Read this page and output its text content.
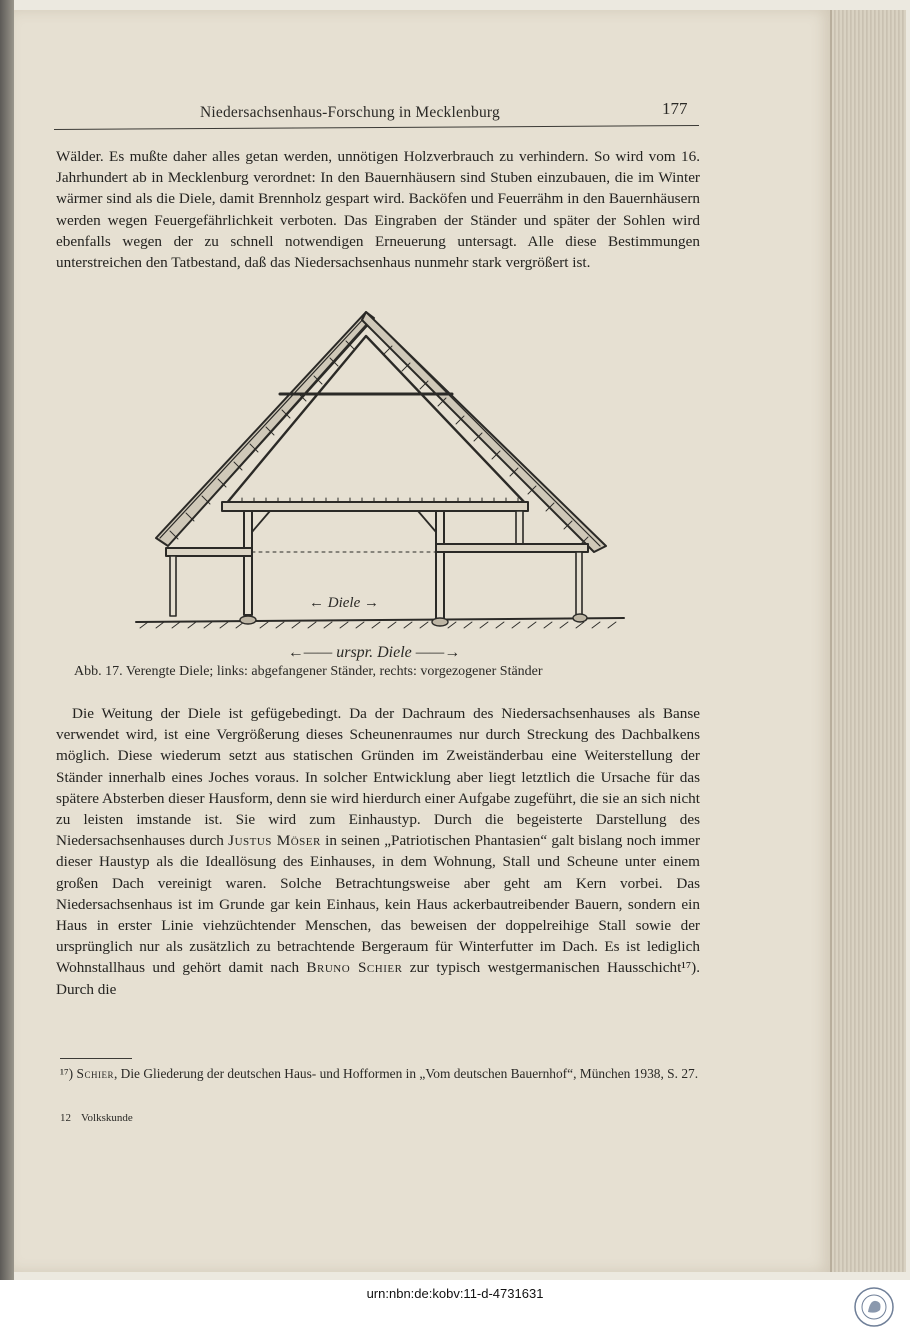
Niedersachsenhaus-Forschung in Mecklenburg	177

Wälder. Es mußte daher alles getan werden, unnötigen Holzverbrauch zu verhindern. So wird vom 16. Jahrhundert ab in Mecklenburg verordnet: In den Bauernhäusern sind Stuben einzubauen, die im Winter wärmer sind als die Diele, damit Brennholz gespart wird. Backöfen und Feuerrähm in den Bauernhäusern werden wegen Feuergefährlichkeit verboten. Das Eingraben der Ständer und später der Sohlen wird ebenfalls wegen der zu schnell notwendigen Erneuerung untersagt. Alle diese Bestimmungen unterstreichen den Tatbestand, daß das Niedersachsenhaus nunmehr stark vergrößert ist.

← Diele →
←—— urspr. Diele ——→
Abb. 17. Verengte Diele; links: abgefangener Ständer, rechts: vorgezogener Ständer

Die Weitung der Diele ist gefügebedingt. Da der Dachraum des Niedersachsenhauses als Banse verwendet wird, ist eine Vergrößerung dieses Scheunenraumes nur durch Streckung des Dachbalkens möglich. Diese wiederum setzt aus statischen Gründen im Zweiständerbau eine Weiterstellung der Ständer innerhalb eines Joches voraus. In solcher Entwicklung aber liegt letztlich die Ursache für das spätere Absterben dieser Hausform, denn sie wird hierdurch einer Aufgabe zugeführt, die sie an sich nicht zu leisten imstande ist. Sie wird zum Einhaustyp. Durch die begeisterte Darstellung des Niedersachsenhauses durch Justus Möser in seinen „Patriotischen Phantasien“ galt bislang noch immer dieser Haustyp als die Ideallösung des Einhauses, in dem Wohnung, Stall und Scheune unter einem großen Dach vereinigt waren. Solche Betrachtungsweise aber geht am Kern vorbei. Das Niedersachsenhaus ist im Grunde gar kein Einhaus, kein Haus ackerbautreibender Bauern, sondern ein Haus in erster Linie viehzüchtender Menschen, das beweisen der doppelreihige Stall sowie der ursprünglich nur als zusätzlich zu betrachtende Bergeraum für Winterfutter im Dach. Es ist lediglich Wohnstallhaus und gehört damit nach Bruno Schier zur typisch westgermanischen Hausschicht¹⁷). Durch die

¹⁷) Schier, Die Gliederung der deutschen Haus- und Hofformen in „Vom deutschen Bauernhof“, München 1938, S. 27.
12 Volkskunde
urn:nbn:de:kobv:11-d-4731631
